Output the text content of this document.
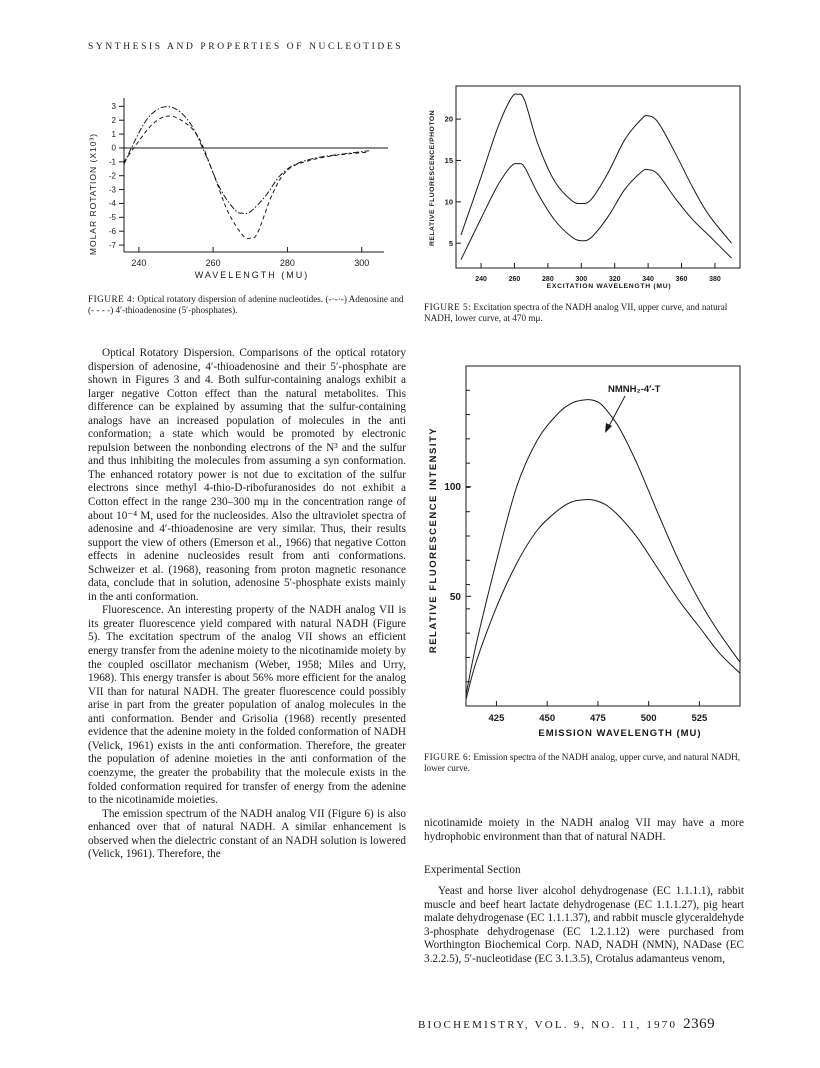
SYNTHESIS AND PROPERTIES OF NUCLEOTIDES
MOLAR ROTATION (X10³)
3
2
1
0
-1
-2
-3
-4
-5
-6
-7
240	260	280	300
WAVELENGTH (MU)
FIGURE 4: Optical rotatory dispersion of adenine nucleotides. (-·-·-) Adenosine and (- - - -) 4′-thioadenosine (5′-phosphates).
RELATIVE FLUORESCENCE/PHOTON 20
15
10
5
240	260	280	300	320	340	360	380
EXCITATION WAVELENGTH (MU)
FIGURE 5: Excitation spectra of the NADH analog VII, upper curve, and natural NADH, lower curve, at 470 mμ.
RELATIVE FLUORESCENCE INTENSITY 100
50
425	450	475	500	525
NMNH₂-4′-T
EMISSION WAVELENGTH (MU)
FIGURE 6: Emission spectra of the NADH analog, upper curve, and natural NADH, lower curve.

Optical Rotatory Dispersion. Comparisons of the optical rotatory dispersion of adenosine, 4′-thioadenosine and their 5′-phosphate are shown in Figures 3 and 4. Both sulfur-containing analogs exhibit a larger negative Cotton effect than the natural metabolites. This difference can be explained by assuming that the sulfur-containing analogs have an increased population of molecules in the anti conformation; a state which would be promoted by electronic repulsion between the nonbonding electrons of the N³ and the sulfur and thus inhibiting the molecules from assuming a syn conformation. The enhanced rotatory power is not due to excitation of the sulfur electrons since methyl 4-thio-D-ribofuranosides do not exhibit a Cotton effect in the range 230–300 mμ in the concentration range of about 10⁻⁴ M, used for the nucleosides. Also the ultraviolet spectra of adenosine and 4′-thioadenosine are very similar. Thus, their results support the view of others (Emerson et al., 1966) that negative Cotton effects in adenine nucleosides result from anti conformations. Schweizer et al. (1968), reasoning from proton magnetic resonance data, conclude that in solution, adenosine 5′-phosphate exists mainly in the anti conformation.

Fluorescence. An interesting property of the NADH analog VII is its greater fluorescence yield compared with natural NADH (Figure 5). The excitation spectrum of the analog VII shows an efficient energy transfer from the adenine moiety to the nicotinamide moiety by the coupled oscillator mechanism (Weber, 1958; Miles and Urry, 1968). This energy transfer is about 56% more efficient for the analog VII than for natural NADH. The greater fluorescence could possibly arise in part from the greater population of analog molecules in the anti conformation. Bender and Grisolia (1968) recently presented evidence that the adenine moiety in the folded conformation of NADH (Velick, 1961) exists in the anti conformation. Therefore, the greater the population of adenine moieties in the anti conformation of the coenzyme, the greater the probability that the molecule exists in the folded conformation required for transfer of energy from the adenine to the nicotinamide moieties.

The emission spectrum of the NADH analog VII (Figure 6) is also enhanced over that of natural NADH. A similar enhancement is observed when the dielectric constant of an NADH solution is lowered (Velick, 1961). Therefore, the

nicotinamide moiety in the NADH analog VII may have a more hydrophobic environment than that of natural NADH.

Experimental Section

Yeast and horse liver alcohol dehydrogenase (EC 1.1.1.1), rabbit muscle and beef heart lactate dehydrogenase (EC 1.1.1.27), pig heart malate dehydrogenase (EC 1.1.1.37), and rabbit muscle glyceraldehyde 3-phosphate dehydrogenase (EC 1.2.1.12) were purchased from Worthington Biochemical Corp. NAD, NADH (NMN), NADase (EC 3.2.2.5), 5′-nucleotidase (EC 3.1.3.5), Crotalus adamanteus venom,

BIOCHEMISTRY, VOL. 9, NO. 11, 1970 2369
